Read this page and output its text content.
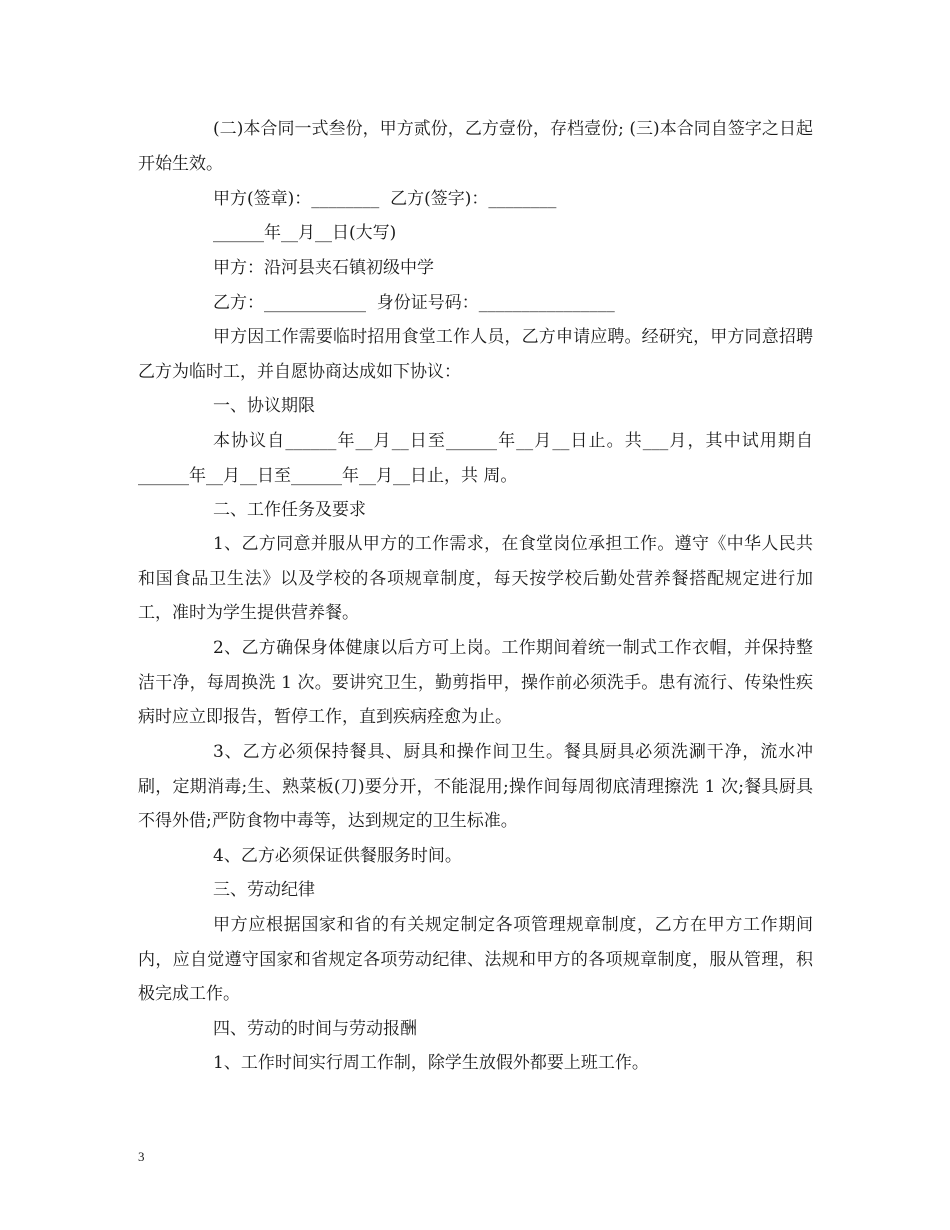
(二)本合同一式叁份，甲方贰份，乙方壹份，存档壹份; (三)本合同自签字之日起开始生效。

甲方(签章)：________  乙方(签字)：________

______年__月__日(大写)

甲方：沿河县夹石镇初级中学

乙方：____________  身份证号码：________________

甲方因工作需要临时招用食堂工作人员，乙方申请应聘。经研究，甲方同意招聘乙方为临时工，并自愿协商达成如下协议：

一、协议期限

本协议自______年__月__日至______年__月__日止。共___月，其中试用期自 ______年__月__日至______年__月__日止，共 周。

二、工作任务及要求

1、乙方同意并服从甲方的工作需求，在食堂岗位承担工作。遵守《中华人民共和国食品卫生法》以及学校的各项规章制度，每天按学校后勤处营养餐搭配规定进行加工，准时为学生提供营养餐。

2、乙方确保身体健康以后方可上岗。工作期间着统一制式工作衣帽，并保持整洁干净，每周换洗 1 次。要讲究卫生，勤剪指甲，操作前必须洗手。患有流行、传染性疾病时应立即报告，暂停工作，直到疾病痊愈为止。

3、乙方必须保持餐具、厨具和操作间卫生。餐具厨具必须洗涮干净，流水冲刷，定期消毒;生、熟菜板(刀)要分开，不能混用;操作间每周彻底清理擦洗 1 次;餐具厨具不得外借;严防食物中毒等，达到规定的卫生标准。

4、乙方必须保证供餐服务时间。

三、劳动纪律

甲方应根据国家和省的有关规定制定各项管理规章制度，乙方在甲方工作期间内，应自觉遵守国家和省规定各项劳动纪律、法规和甲方的各项规章制度，服从管理，积极完成工作。

四、劳动的时间与劳动报酬

1、工作时间实行周工作制，除学生放假外都要上班工作。

3
